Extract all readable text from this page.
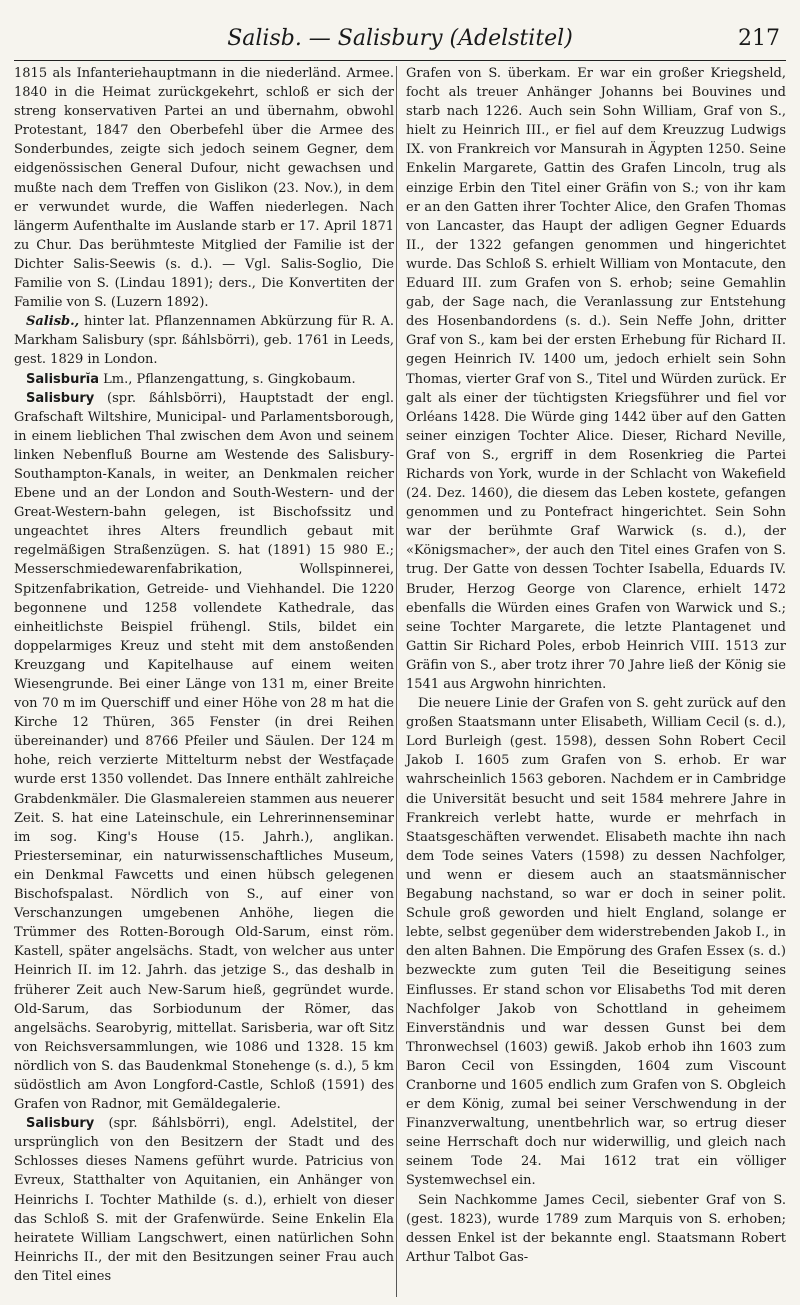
Salisb. — Salisbury (Adelstitel)	217

1815 als Infanteriehauptmann in die niederländ. Armee. 1840 in die Heimat zurückgekehrt, schloß er sich der streng konservativen Partei an und übernahm, obwohl Protestant, 1847 den Oberbefehl über die Armee des Sonderbundes, zeigte sich jedoch seinem Gegner, dem eidgenössischen General Dufour, nicht gewachsen und mußte nach dem Treffen von Gislikon (23. Nov.), in dem er verwundet wurde, die Waffen niederlegen. Nach längerm Aufenthalte im Auslande starb er 17. April 1871 zu Chur. Das berühmteste Mitglied der Familie ist der Dichter Salis-Seewis (s. d.). — Vgl. Salis-Soglio, Die Familie von S. (Lindau 1891); ders., Die Konvertiten der Familie von S. (Luzern 1892).

Salisb., hinter lat. Pflanzennamen Abkürzung für R. A. Markham Salisbury (spr. ßáhlsbörri), geb. 1761 in Leeds, gest. 1829 in London.

Salisburĭa Lm., Pflanzengattung, s. Gingkobaum.

Salisbury (spr. ßáhlsbörri), Hauptstadt der engl. Grafschaft Wiltshire, Municipal- und Parlamentsborough, in einem lieblichen Thal zwischen dem Avon und seinem linken Nebenfluß Bourne am Westende des Salisbury-Southampton-Kanals, in weiter, an Denkmalen reicher Ebene und an der London and South-Western- und der Great-Western-bahn gelegen, ist Bischofssitz und ungeachtet ihres Alters freundlich gebaut mit regelmäßigen Straßenzügen. S. hat (1891) 15 980 E.; Messerschmiedewarenfabrikation, Wollspinnerei, Spitzenfabrikation, Getreide- und Viehhandel. Die 1220 begonnene und 1258 vollendete Kathedrale, das einheitlichste Beispiel frühengl. Stils, bildet ein doppelarmiges Kreuz und steht mit dem anstoßenden Kreuzgang und Kapitelhause auf einem weiten Wiesengrunde. Bei einer Länge von 131 m, einer Breite von 70 m im Querschiff und einer Höhe von 28 m hat die Kirche 12 Thüren, 365 Fenster (in drei Reihen übereinander) und 8766 Pfeiler und Säulen. Der 124 m hohe, reich verzierte Mittelturm nebst der Westfaçade wurde erst 1350 vollendet. Das Innere enthält zahlreiche Grabdenkmäler. Die Glasmalereien stammen aus neuerer Zeit. S. hat eine Lateinschule, ein Lehrerinnenseminar im sog. King's House (15. Jahrh.), anglikan. Priesterseminar, ein naturwissenschaftliches Museum, ein Denkmal Fawcetts und einen hübsch gelegenen Bischofspalast. Nördlich von S., auf einer von Verschanzungen umgebenen Anhöhe, liegen die Trümmer des Rotten-Borough Old-Sarum, einst röm. Kastell, später angelsächs. Stadt, von welcher aus unter Heinrich II. im 12. Jahrh. das jetzige S., das deshalb in früherer Zeit auch New-Sarum hieß, gegründet wurde. Old-Sarum, das Sorbiodunum der Römer, das angelsächs. Searobyrig, mittellat. Sarisberia, war oft Sitz von Reichsversammlungen, wie 1086 und 1328. 15 km nördlich von S. das Baudenkmal Stonehenge (s. d.), 5 km südöstlich am Avon Longford-Castle, Schloß (1591) des Grafen von Radnor, mit Gemäldegalerie.

Salisbury (spr. ßáhlsbörri), engl. Adelstitel, der ursprünglich von den Besitzern der Stadt und des Schlosses dieses Namens geführt wurde. Patricius von Evreux, Statthalter von Aquitanien, ein Anhänger von Heinrichs I. Tochter Mathilde (s. d.), erhielt von dieser das Schloß S. mit der Grafenwürde. Seine Enkelin Ela heiratete William Langschwert, einen natürlichen Sohn Heinrichs II., der mit den Besitzungen seiner Frau auch den Titel eines

Grafen von S. überkam. Er war ein großer Kriegsheld, focht als treuer Anhänger Johanns bei Bouvines und starb nach 1226. Auch sein Sohn William, Graf von S., hielt zu Heinrich III., er fiel auf dem Kreuzzug Ludwigs IX. von Frankreich vor Mansurah in Ägypten 1250. Seine Enkelin Margarete, Gattin des Grafen Lincoln, trug als einzige Erbin den Titel einer Gräfin von S.; von ihr kam er an den Gatten ihrer Tochter Alice, den Grafen Thomas von Lancaster, das Haupt der adligen Gegner Eduards II., der 1322 gefangen genommen und hingerichtet wurde. Das Schloß S. erhielt William von Montacute, den Eduard III. zum Grafen von S. erhob; seine Gemahlin gab, der Sage nach, die Veranlassung zur Entstehung des Hosenbandordens (s. d.). Sein Neffe John, dritter Graf von S., kam bei der ersten Erhebung für Richard II. gegen Heinrich IV. 1400 um, jedoch erhielt sein Sohn Thomas, vierter Graf von S., Titel und Würden zurück. Er galt als einer der tüchtigsten Kriegsführer und fiel vor Orléans 1428. Die Würde ging 1442 über auf den Gatten seiner einzigen Tochter Alice. Dieser, Richard Neville, Graf von S., ergriff in dem Rosenkrieg die Partei Richards von York, wurde in der Schlacht von Wakefield (24. Dez. 1460), die diesem das Leben kostete, gefangen genommen und zu Pontefract hingerichtet. Sein Sohn war der berühmte Graf Warwick (s. d.), der «Königsmacher», der auch den Titel eines Grafen von S. trug. Der Gatte von dessen Tochter Isabella, Eduards IV. Bruder, Herzog George von Clarence, erhielt 1472 ebenfalls die Würden eines Grafen von Warwick und S.; seine Tochter Margarete, die letzte Plantagenet und Gattin Sir Richard Poles, erbob Heinrich VIII. 1513 zur Gräfin von S., aber trotz ihrer 70 Jahre ließ der König sie 1541 aus Argwohn hinrichten.

Die neuere Linie der Grafen von S. geht zurück auf den großen Staatsmann unter Elisabeth, William Cecil (s. d.), Lord Burleigh (gest. 1598), dessen Sohn Robert Cecil Jakob I. 1605 zum Grafen von S. erhob. Er war wahrscheinlich 1563 geboren. Nachdem er in Cambridge die Universität besucht und seit 1584 mehrere Jahre in Frankreich verlebt hatte, wurde er mehrfach in Staatsgeschäften verwendet. Elisabeth machte ihn nach dem Tode seines Vaters (1598) zu dessen Nachfolger, und wenn er diesem auch an staatsmännischer Begabung nachstand, so war er doch in seiner polit. Schule groß geworden und hielt England, solange er lebte, selbst gegenüber dem widerstrebenden Jakob I., in den alten Bahnen. Die Empörung des Grafen Essex (s. d.) bezweckte zum guten Teil die Beseitigung seines Einflusses. Er stand schon vor Elisabeths Tod mit deren Nachfolger Jakob von Schottland in geheimem Einverständnis und war dessen Gunst bei dem Thronwechsel (1603) gewiß. Jakob erhob ihn 1603 zum Baron Cecil von Essingden, 1604 zum Viscount Cranborne und 1605 endlich zum Grafen von S. Obgleich er dem König, zumal bei seiner Verschwendung in der Finanzverwaltung, unentbehrlich war, so ertrug dieser seine Herrschaft doch nur widerwillig, und gleich nach seinem Tode 24. Mai 1612 trat ein völliger Systemwechsel ein.

Sein Nachkomme James Cecil, siebenter Graf von S. (gest. 1823), wurde 1789 zum Marquis von S. erhoben; dessen Enkel ist der bekannte engl. Staatsmann Robert Arthur Talbot Gas-
